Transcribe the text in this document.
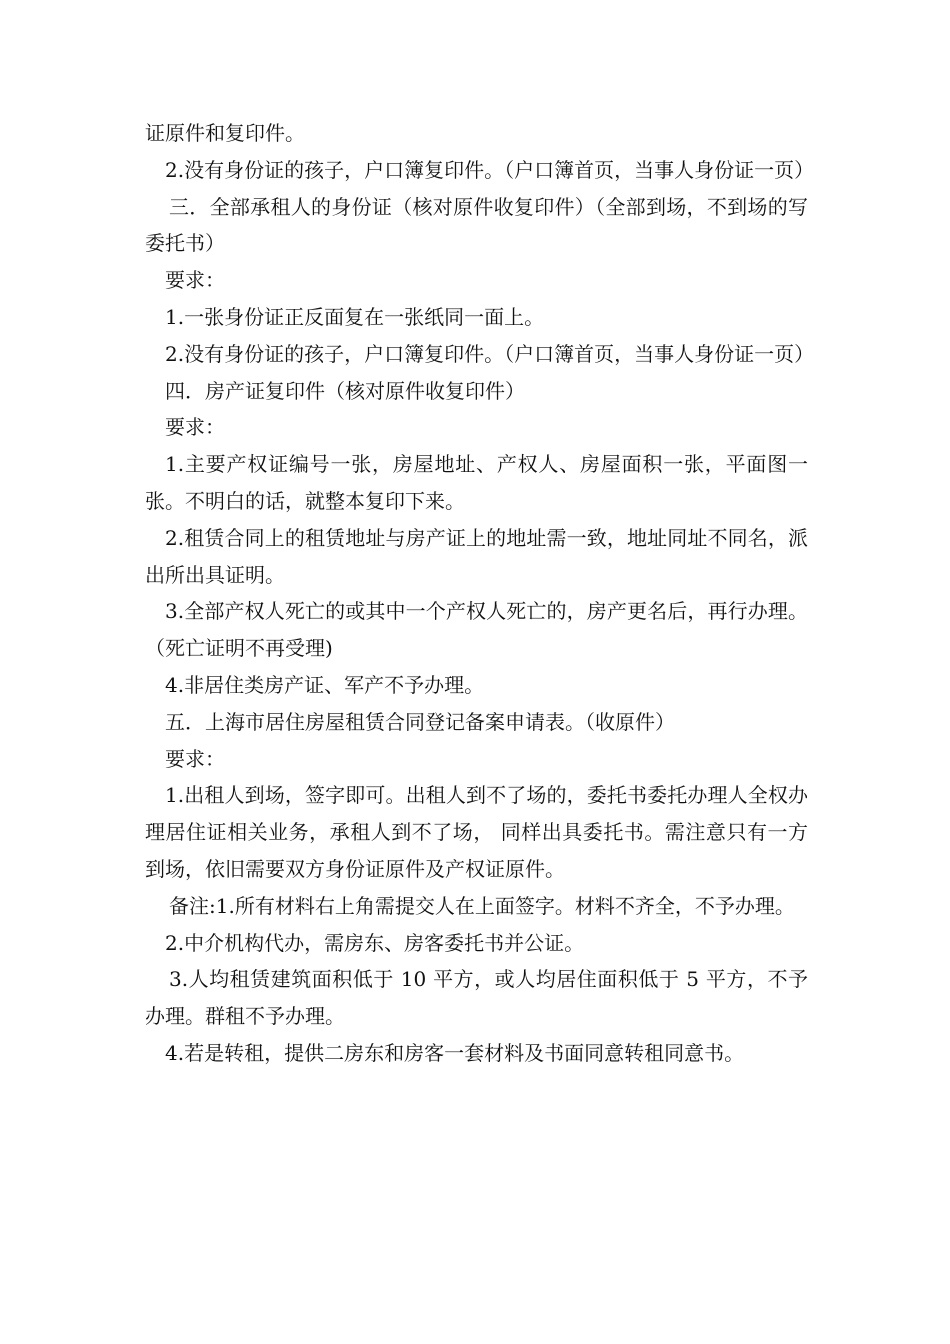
证原件和复印件。

2.没有身份证的孩子，户口簿复印件。（户口簿首页，当事人身份证一页）

三．全部承租人的身份证（核对原件收复印件）（全部到场，不到场的写委托书）

要求：

1.一张身份证正反面复在一张纸同一面上。

2.没有身份证的孩子，户口簿复印件。（户口簿首页，当事人身份证一页）

四．房产证复印件（核对原件收复印件）

要求：

1.主要产权证编号一张，房屋地址、产权人、房屋面积一张，平面图一张。不明白的话，就整本复印下来。

2.租赁合同上的租赁地址与房产证上的地址需一致，地址同址不同名，派出所出具证明。

3.全部产权人死亡的或其中一个产权人死亡的，房产更名后，再行办理。（死亡证明不再受理)

4.非居住类房产证、军产不予办理。

五．上海市居住房屋租赁合同登记备案申请表。（收原件）

要求：

1.出租人到场，签字即可。出租人到不了场的，委托书委托办理人全权办理居住证相关业务，承租人到不了场， 同样出具委托书。需注意只有一方到场，依旧需要双方身份证原件及产权证原件。

备注:1.所有材料右上角需提交人在上面签字。材料不齐全，不予办理。

2.中介机构代办，需房东、房客委托书并公证。

3.人均租赁建筑面积低于 10 平方，或人均居住面积低于 5 平方，不予办理。群租不予办理。

4.若是转租，提供二房东和房客一套材料及书面同意转租同意书。
